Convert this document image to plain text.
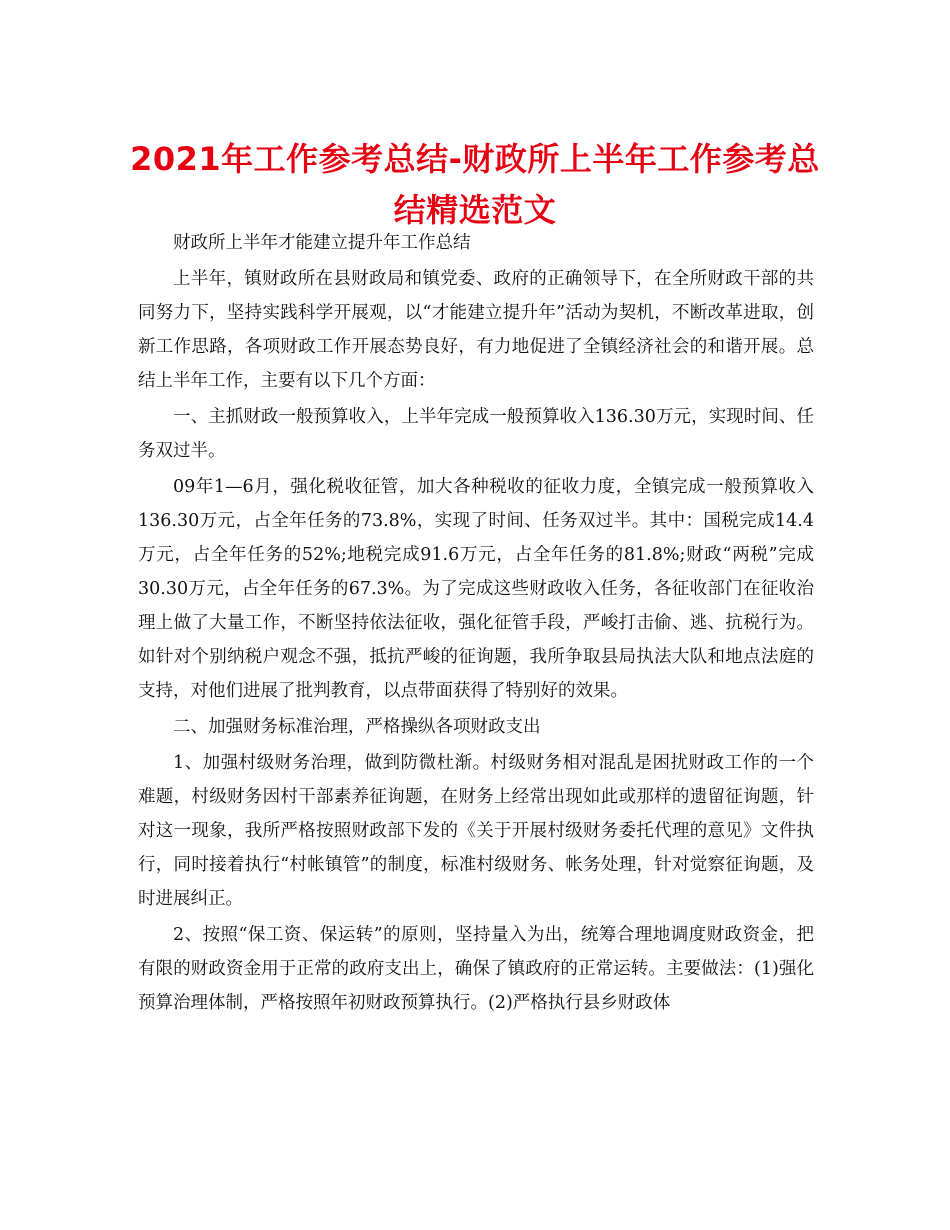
2021年工作参考总结-财政所上半年工作参考总结精选范文

财政所上半年才能建立提升年工作总结

上半年，镇财政所在县财政局和镇党委、政府的正确领导下，在全所财政干部的共同努力下，坚持实践科学开展观，以“才能建立提升年”活动为契机，不断改革进取，创新工作思路，各项财政工作开展态势良好，有力地促进了全镇经济社会的和谐开展。总结上半年工作，主要有以下几个方面：

一、主抓财政一般预算收入，上半年完成一般预算收入136.30万元，实现时间、任务双过半。

09年1—6月，强化税收征管，加大各种税收的征收力度，全镇完成一般预算收入136.30万元，占全年任务的73.8%，实现了时间、任务双过半。其中：国税完成14.4万元，占全年任务的52%;地税完成91.6万元，占全年任务的81.8%;财政“两税”完成30.30万元，占全年任务的67.3%。为了完成这些财政收入任务，各征收部门在征收治理上做了大量工作，不断坚持依法征收，强化征管手段，严峻打击偷、逃、抗税行为。如针对个别纳税户观念不强，抵抗严峻的征询题，我所争取县局执法大队和地点法庭的支持，对他们进展了批判教育，以点带面获得了特别好的效果。

二、加强财务标准治理，严格操纵各项财政支出

1、加强村级财务治理，做到防微杜渐。村级财务相对混乱是困扰财政工作的一个难题，村级财务因村干部素养征询题，在财务上经常出现如此或那样的遗留征询题，针对这一现象，我所严格按照财政部下发的《关于开展村级财务委托代理的意见》文件执行，同时接着执行“村帐镇管”的制度，标准村级财务、帐务处理，针对觉察征询题，及时进展纠正。

2、按照“保工资、保运转”的原则，坚持量入为出，统筹合理地调度财政资金，把有限的财政资金用于正常的政府支出上，确保了镇政府的正常运转。主要做法：(1)强化预算治理体制，严格按照年初财政预算执行。(2)严格执行县乡财政体
